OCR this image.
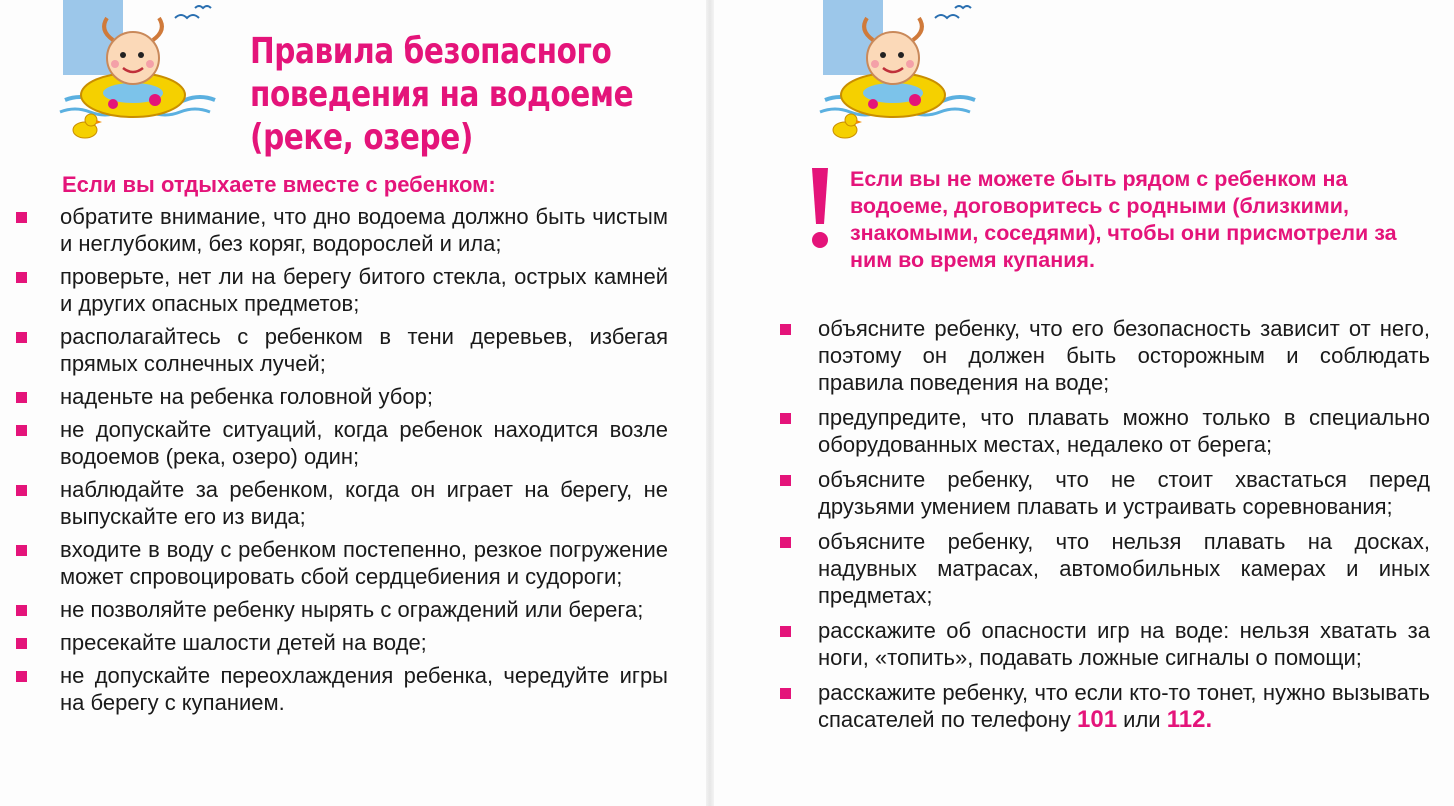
Правила безопасного
поведения на водоеме
(реке, озере)
Если вы отдыхаете вместе с ребенком:
обратите внимание, что дно водоема должно быть чистым и неглубоким, без коряг, водорослей и ила;
проверьте, нет ли на берегу битого стекла, острых камней и других опасных предметов;
располагайтесь с ребенком в тени деревьев, избегая прямых солнечных лучей;
наденьте на ребенка головной убор;
не допускайте ситуаций, когда ребенок находится возле водоемов (река, озеро) один;
наблюдайте за ребенком, когда он играет на берегу, не выпускайте его из вида;
входите в воду с ребенком постепенно, резкое погружение может спровоцировать сбой сердцебиения и судороги;
не позволяйте ребенку нырять с ограждений или берега;
пресекайте шалости детей на воде;
не допускайте переохлаждения ребенка, чередуйте игры на берегу с купанием.
Если вы не можете быть рядом с ребенком на водоеме, договоритесь с родными (близкими, знакомыми, соседями), чтобы они присмотрели за ним во время купания.
объясните ребенку, что его безопасность зависит от него, поэтому он должен быть осторожным и соблюдать правила поведения на воде;
предупредите, что плавать можно только в специально оборудованных местах, недалеко от берега;
объясните ребенку, что не стоит хвастаться перед друзьями умением плавать и устраивать соревнования;
объясните ребенку, что нельзя плавать на досках, надувных матрасах, автомобильных камерах и иных предметах;
расскажите об опасности игр на воде: нельзя хватать за ноги, «топить», подавать ложные сигналы о помощи;
расскажите ребенку, что если кто-то тонет, нужно вызывать спасателей по телефону 101 или 112.
